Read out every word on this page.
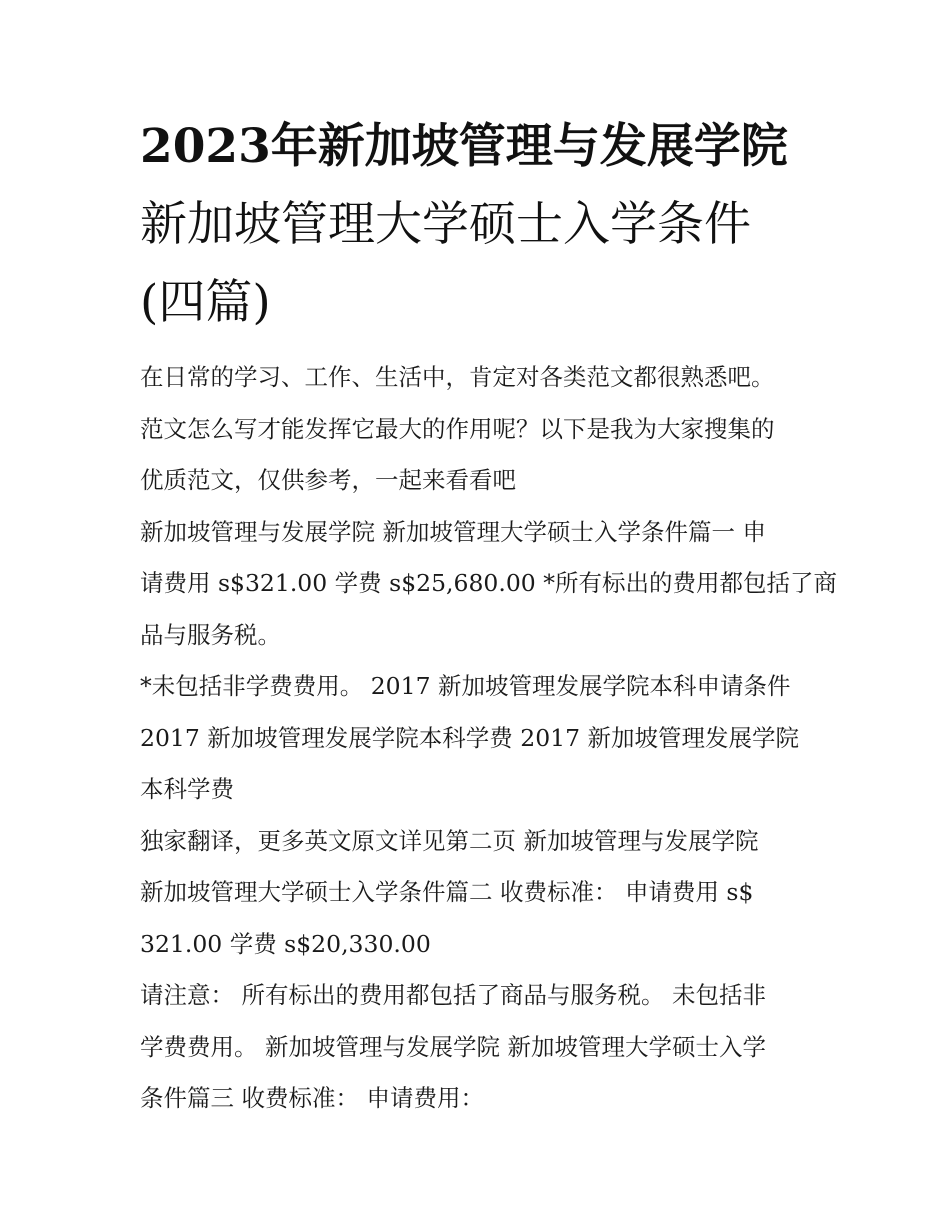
2023年新加坡管理与发展学院
新加坡管理大学硕士入学条件
(四篇)
在日常的学习、工作、生活中，肯定对各类范文都很熟悉吧。
范文怎么写才能发挥它最大的作用呢？以下是我为大家搜集的
优质范文，仅供参考，一起来看看吧
新加坡管理与发展学院 新加坡管理大学硕士入学条件篇一 申
请费用 s$321.00 学费 s$25,680.00 *所有标出的费用都包括了商
品与服务税。
*未包括非学费费用。 2017 新加坡管理发展学院本科申请条件
2017 新加坡管理发展学院本科学费 2017 新加坡管理发展学院
本科学费
独家翻译，更多英文原文详见第二页 新加坡管理与发展学院
新加坡管理大学硕士入学条件篇二 收费标准： 申请费用 s$
321.00 学费 s$20,330.00
请注意： 所有标出的费用都包括了商品与服务税。 未包括非
学费费用。 新加坡管理与发展学院 新加坡管理大学硕士入学
条件篇三 收费标准： 申请费用：
